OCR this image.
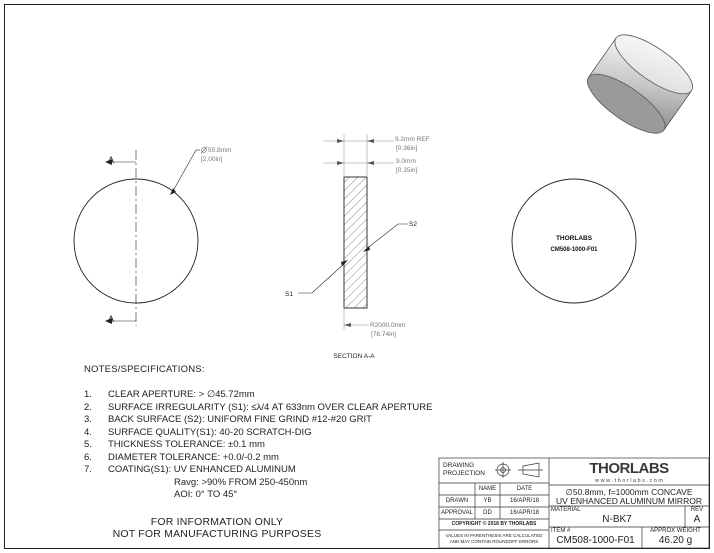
A
A
50.8mm
[2.00in]
9.2mm REF
[0.36in]
9.0mm
[0.35in]
S2
S1
R2000.0mm
[78.74in]
SECTION A-A
THORLABS
CM508-1000-F01
NOTES/SPECIFICATIONS:
1.	CLEAR APERTURE: > ∅45.72mm
2.	SURFACE IRREGULARITY (S1): ≤λ/4 AT 633nm OVER CLEAR APERTURE
3.	BACK SURFACE (S2): UNIFORM FINE GRIND #12-#20 GRIT
4.	SURFACE QUALITY(S1): 40-20 SCRATCH-DIG
5.	THICKNESS TOLERANCE: ±0.1 mm
6.	DIAMETER TOLERANCE: +0.0/-0.2 mm
7.	COATING(S1): UV ENHANCED ALUMINUM
Ravg: >90% FROM 250-450nm
AOI: 0° TO 45°
FOR INFORMATION ONLY
NOT FOR MANUFACTURING PURPOSES
DRAWING
PROJECTION
NAME	DATE
DRAWN	YB	16/APR/18
APPROVAL	DD	16/APR/18
COPYRIGHT © 2018 BY THORLABS
VALUES IN PARENTHESIS ARE CALCULATED
AND MAY CONTAIN ROUNDOFF ERRORS
THORLABS
w w w . t h o r l a b s . c o m
∅50.8mm, f=1000mm CONCAVE
UV ENHANCED ALUMINUM MIRROR
MATERIAL
N-BK7
REV
A
ITEM #
CM508-1000-F01
APPROX WEIGHT
46.20 g
